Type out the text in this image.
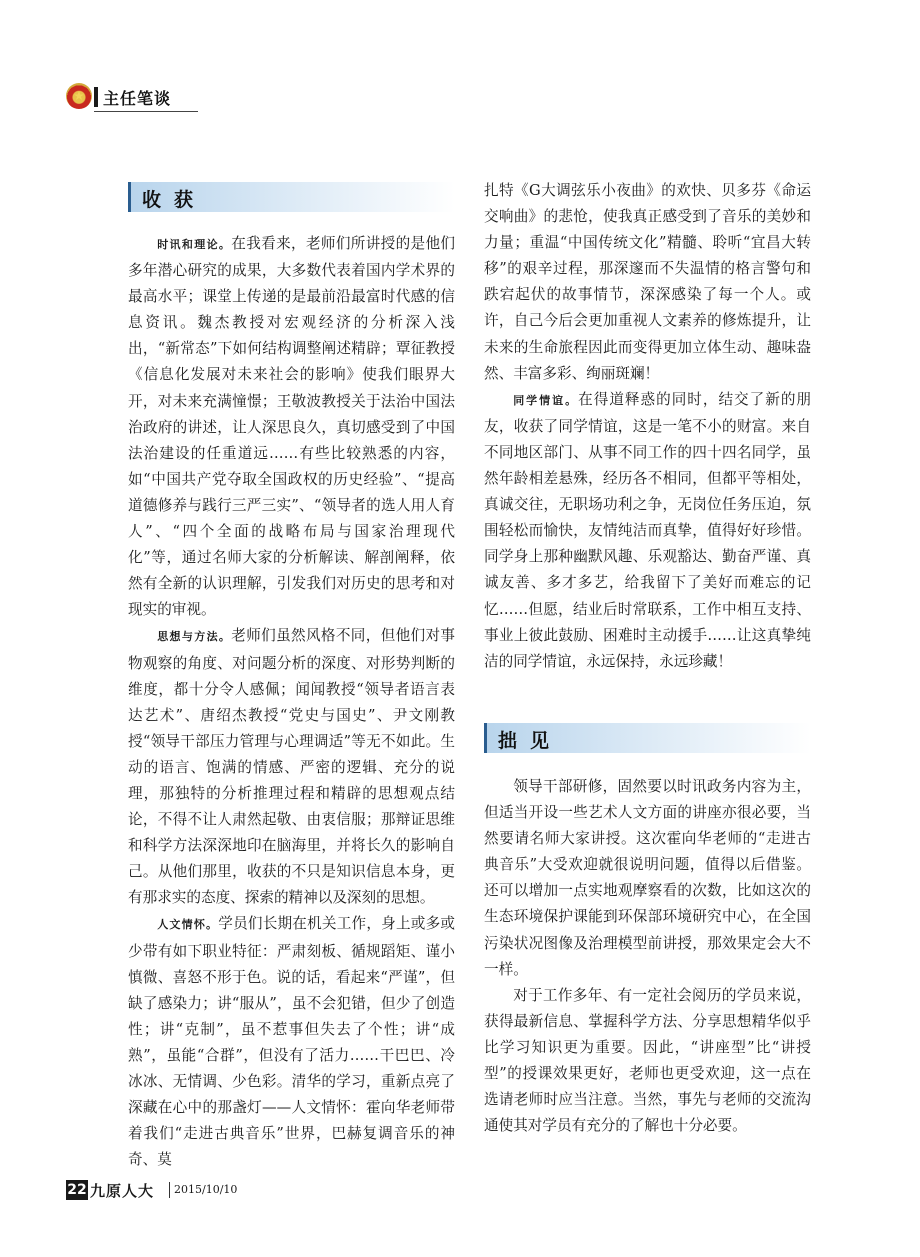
主任笔谈
收获

时讯和理论。在我看来，老师们所讲授的是他们多年潜心研究的成果，大多数代表着国内学术界的最高水平；课堂上传递的是最前沿最富时代感的信息资讯。魏杰教授对宏观经济的分析深入浅出，“新常态”下如何结构调整阐述精辟；覃征教授《信息化发展对未来社会的影响》使我们眼界大开，对未来充满憧憬；王敬波教授关于法治中国法治政府的讲述，让人深思良久，真切感受到了中国法治建设的任重道远……有些比较熟悉的内容，如“中国共产党夺取全国政权的历史经验”、“提高道德修养与践行三严三实”、“领导者的选人用人育人”、“四个全面的战略布局与国家治理现代化”等，通过名师大家的分析解读、解剖阐释，依然有全新的认识理解，引发我们对历史的思考和对现实的审视。

思想与方法。老师们虽然风格不同，但他们对事物观察的角度、对问题分析的深度、对形势判断的维度，都十分令人感佩；闻闻教授“领导者语言表达艺术”、唐绍杰教授“党史与国史”、尹文刚教授“领导干部压力管理与心理调适”等无不如此。生动的语言、饱满的情感、严密的逻辑、充分的说理，那独特的分析推理过程和精辟的思想观点结论，不得不让人肃然起敬、由衷信服；那辩证思维和科学方法深深地印在脑海里，并将长久的影响自己。从他们那里，收获的不只是知识信息本身，更有那求实的态度、探索的精神以及深刻的思想。

人文情怀。学员们长期在机关工作，身上或多或少带有如下职业特征：严肃刻板、循规蹈矩、谨小慎微、喜怒不形于色。说的话，看起来“严谨”，但缺了感染力；讲“服从”，虽不会犯错，但少了创造性；讲“克制”，虽不惹事但失去了个性；讲“成熟”，虽能“合群”，但没有了活力……干巴巴、冷冰冰、无情调、少色彩。清华的学习，重新点亮了深藏在心中的那盏灯——人文情怀：霍向华老师带着我们“走进古典音乐”世界，巴赫复调音乐的神奇、莫

扎特《G大调弦乐小夜曲》的欢快、贝多芬《命运交响曲》的悲怆，使我真正感受到了音乐的美妙和力量；重温“中国传统文化”精髓、聆听“宜昌大转移”的艰辛过程，那深邃而不失温情的格言警句和跌宕起伏的故事情节，深深感染了每一个人。或许，自己今后会更加重视人文素养的修炼提升，让未来的生命旅程因此而变得更加立体生动、趣味盎然、丰富多彩、绚丽斑斓！

同学情谊。在得道释惑的同时，结交了新的朋友，收获了同学情谊，这是一笔不小的财富。来自不同地区部门、从事不同工作的四十四名同学，虽然年龄相差悬殊，经历各不相同，但都平等相处，真诚交往，无职场功利之争，无岗位任务压迫，氛围轻松而愉快，友情纯洁而真挚，值得好好珍惜。同学身上那种幽默风趣、乐观豁达、勤奋严谨、真诚友善、多才多艺，给我留下了美好而难忘的记忆……但愿，结业后时常联系，工作中相互支持、事业上彼此鼓励、困难时主动援手……让这真挚纯洁的同学情谊，永远保持，永远珍藏！

拙见

领导干部研修，固然要以时讯政务内容为主，但适当开设一些艺术人文方面的讲座亦很必要，当然要请名师大家讲授。这次霍向华老师的“走进古典音乐”大受欢迎就很说明问题，值得以后借鉴。还可以增加一点实地观摩察看的次数，比如这次的生态环境保护课能到环保部环境研究中心，在全国污染状况图像及治理模型前讲授，那效果定会大不一样。

对于工作多年、有一定社会阅历的学员来说，获得最新信息、掌握科学方法、分享思想精华似乎比学习知识更为重要。因此，“讲座型”比“讲授型”的授课效果更好，老师也更受欢迎，这一点在选请老师时应当注意。当然，事先与老师的交流沟通使其对学员有充分的了解也十分必要。

22 九原人大 2015/10/10
